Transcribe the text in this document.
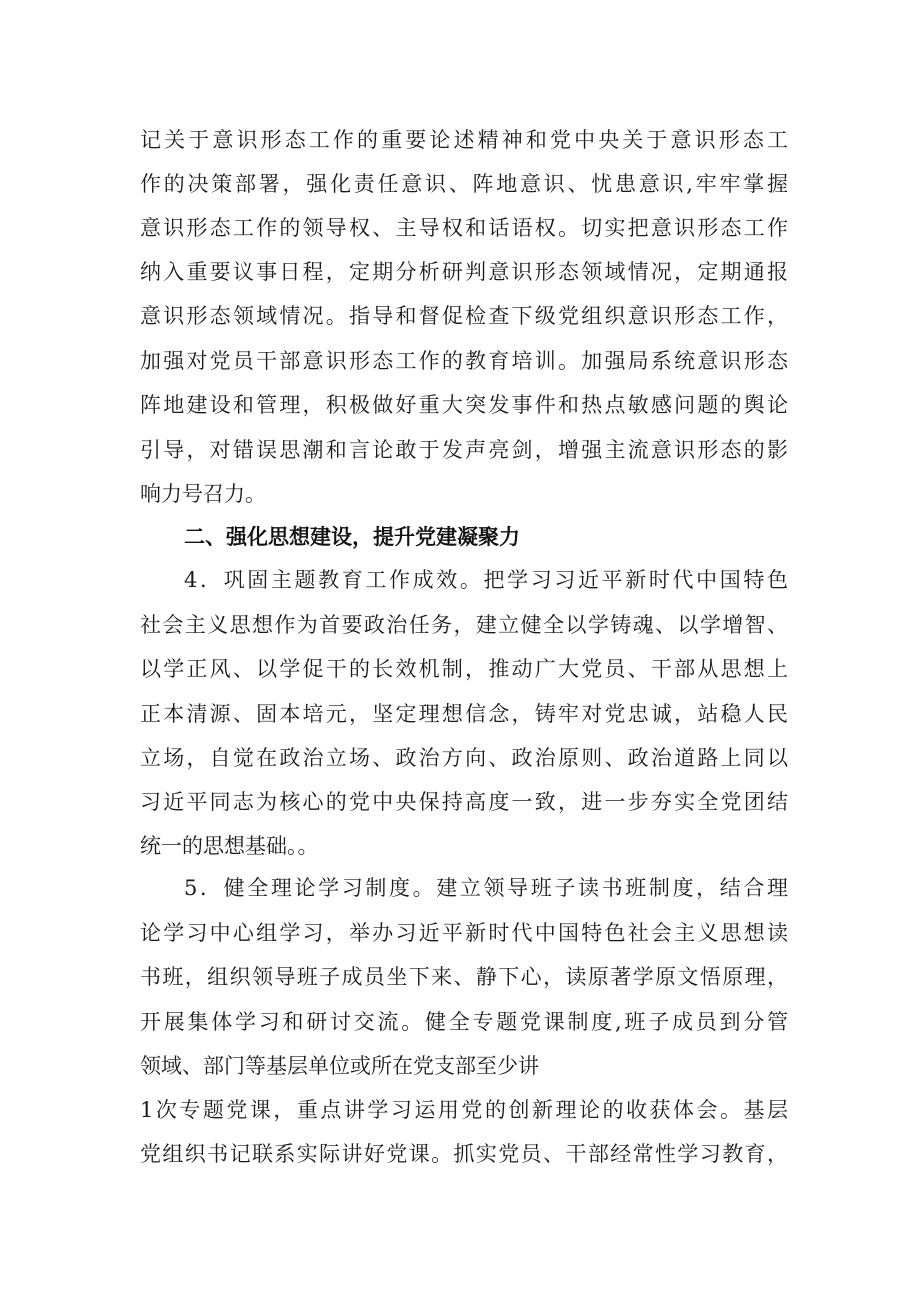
记关于意识形态工作的重要论述精神和党中央关于意识形态工
作的决策部署，强化责任意识、阵地意识、忧患意识,牢牢掌握
意识形态工作的领导权、主导权和话语权。切实把意识形态工作
纳入重要议事日程，定期分析研判意识形态领域情况，定期通报
意识形态领域情况。指导和督促检查下级党组织意识形态工作，
加强对党员干部意识形态工作的教育培训。加强局系统意识形态
阵地建设和管理，积极做好重大突发事件和热点敏感问题的舆论
引导，对错误思潮和言论敢于发声亮剑，增强主流意识形态的影
响力号召力。
二、强化思想建设，提升党建凝聚力
4．巩固主题教育工作成效。把学习习近平新时代中国特色
社会主义思想作为首要政治任务，建立健全以学铸魂、以学增智、
以学正风、以学促干的长效机制，推动广大党员、干部从思想上
正本清源、固本培元，坚定理想信念，铸牢对党忠诚，站稳人民
立场，自觉在政治立场、政治方向、政治原则、政治道路上同以
习近平同志为核心的党中央保持高度一致，进一步夯实全党团结
统一的思想基础。。
5．健全理论学习制度。建立领导班子读书班制度，结合理
论学习中心组学习，举办习近平新时代中国特色社会主义思想读
书班，组织领导班子成员坐下来、静下心，读原著学原文悟原理，
开展集体学习和研讨交流。健全专题党课制度,班子成员到分管
领域、部门等基层单位或所在党支部至少讲
1次专题党课，重点讲学习运用党的创新理论的收获体会。基层
党组织书记联系实际讲好党课。抓实党员、干部经常性学习教育，
